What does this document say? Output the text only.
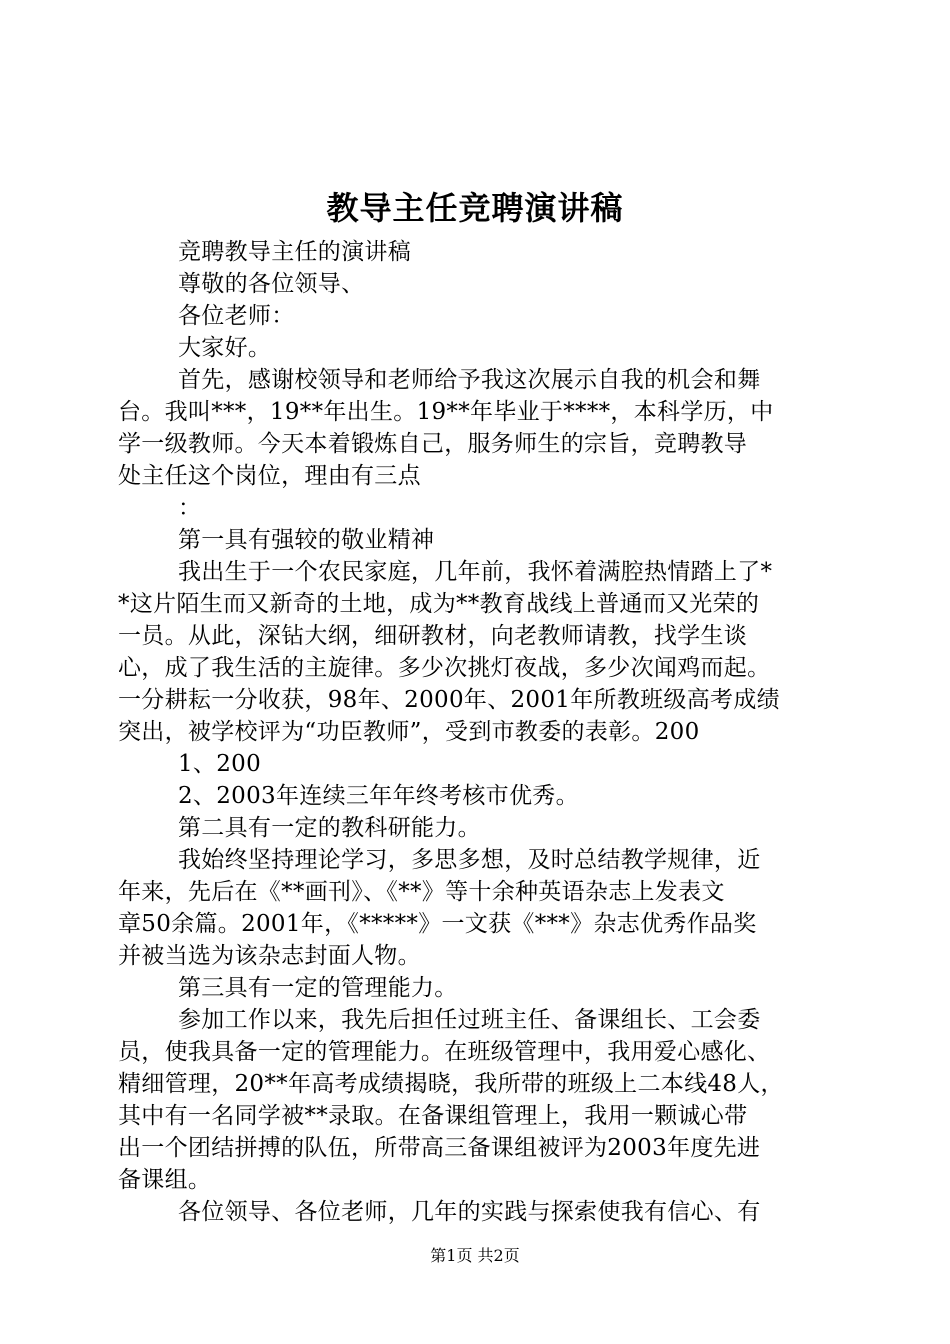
教导主任竞聘演讲稿
竞聘教导主任的演讲稿
尊敬的各位领导、
各位老师：
大家好。
首先，感谢校领导和老师给予我这次展示自我的机会和舞
台。我叫***，19**年出生。19**年毕业于****，本科学历，中
学一级教师。今天本着锻炼自己，服务师生的宗旨，竞聘教导
处主任这个岗位，理由有三点
：
第一具有强较的敬业精神
我出生于一个农民家庭，几年前，我怀着满腔热情踏上了*
*这片陌生而又新奇的土地，成为**教育战线上普通而又光荣的
一员。从此，深钻大纲，细研教材，向老教师请教，找学生谈
心，成了我生活的主旋律。多少次挑灯夜战，多少次闻鸡而起。
一分耕耘一分收获，98年、2000年、2001年所教班级高考成绩
突出，被学校评为“功臣教师”，受到市教委的表彰。200
1、200
2、2003年连续三年年终考核市优秀。
第二具有一定的教科研能力。
我始终坚持理论学习，多思多想，及时总结教学规律，近
年来，先后在《**画刊》、《**》等十余种英语杂志上发表文
章50余篇。2001年，《*****》一文获《***》杂志优秀作品奖
并被当选为该杂志封面人物。
第三具有一定的管理能力。
参加工作以来，我先后担任过班主任、备课组长、工会委
员，使我具备一定的管理能力。在班级管理中，我用爱心感化、
精细管理，20**年高考成绩揭晓，我所带的班级上二本线48人，
其中有一名同学被**录取。在备课组管理上，我用一颗诚心带
出一个团结拼搏的队伍，所带高三备课组被评为2003年度先进
备课组。
各位领导、各位老师，几年的实践与探索使我有信心、有
第1页 共2页
